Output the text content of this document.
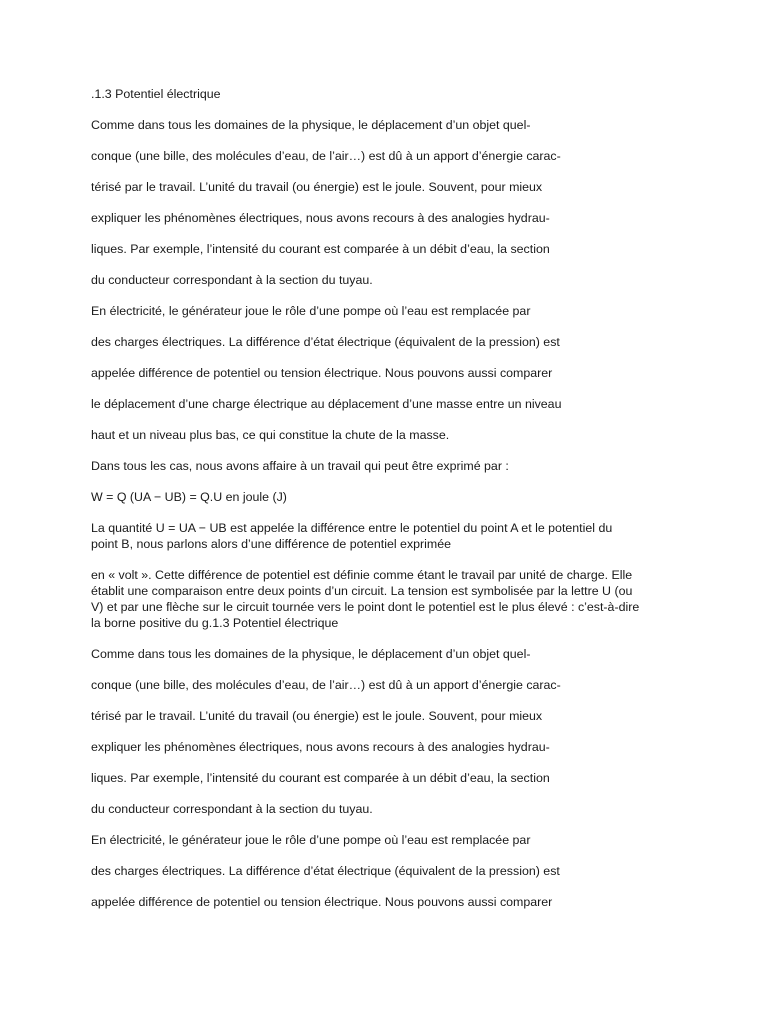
.1.3 Potentiel électrique
Comme dans tous les domaines de la physique, le déplacement d’un objet quel-
conque (une bille, des molécules d’eau, de l’air…) est dû à un apport d’énergie carac-
térisé par le travail. L’unité du travail (ou énergie) est le joule. Souvent, pour mieux
expliquer les phénomènes électriques, nous avons recours à des analogies hydrau-
liques. Par exemple, l’intensité du courant est comparée à un débit d’eau, la section
du conducteur correspondant à la section du tuyau.
En électricité, le générateur joue le rôle d’une pompe où l’eau est remplacée par
des charges électriques. La différence d’état électrique (équivalent de la pression) est
appelée différence de potentiel ou tension électrique. Nous pouvons aussi comparer
le déplacement d’une charge électrique au déplacement d’une masse entre un niveau
haut et un niveau plus bas, ce qui constitue la chute de la masse.
Dans tous les cas, nous avons affaire à un travail qui peut être exprimé par :
W = Q (UA − UB) = Q.U en joule (J)
La quantité U = UA − UB est appelée la différence entre le potentiel du point A et le potentiel du
point B, nous parlons alors d’une différence de potentiel exprimée
en « volt ». Cette différence de potentiel est définie comme étant le travail par unité de charge. Elle
établit une comparaison entre deux points d’un circuit. La tension est symbolisée par la lettre U (ou
V) et par une flèche sur le circuit tournée vers le point dont le potentiel est le plus élevé : c’est-à-dire
la borne positive du g.1.3 Potentiel électrique
Comme dans tous les domaines de la physique, le déplacement d’un objet quel-
conque (une bille, des molécules d’eau, de l’air…) est dû à un apport d’énergie carac-
térisé par le travail. L’unité du travail (ou énergie) est le joule. Souvent, pour mieux
expliquer les phénomènes électriques, nous avons recours à des analogies hydrau-
liques. Par exemple, l’intensité du courant est comparée à un débit d’eau, la section
du conducteur correspondant à la section du tuyau.
En électricité, le générateur joue le rôle d’une pompe où l’eau est remplacée par
des charges électriques. La différence d’état électrique (équivalent de la pression) est
appelée différence de potentiel ou tension électrique. Nous pouvons aussi comparer
